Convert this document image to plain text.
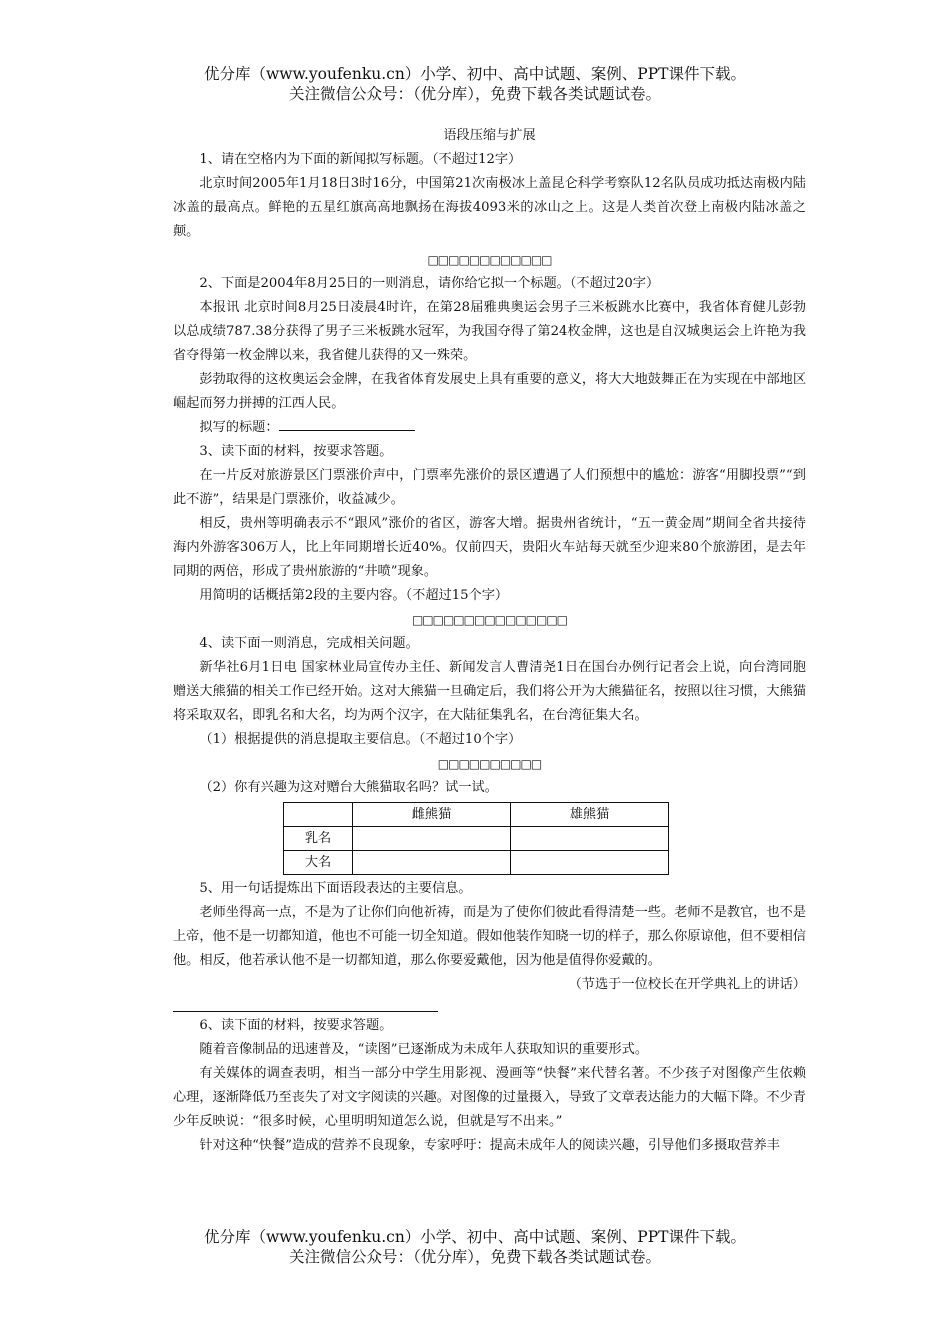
优分库（www.youfenku.cn）小学、初中、高中试题、案例、PPT课件下载。
关注微信公众号：（优分库），免费下载各类试题试卷。

语段压缩与扩展

1、请在空格内为下面的新闻拟写标题。（不超过12字）

北京时间2005年1月18日3时16分，中国第21次南极冰上盖昆仑科学考察队12名队员成功抵达南极内陆冰盖的最高点。鲜艳的五星红旗高高地飘扬在海拔4093米的冰山之上。这是人类首次登上南极内陆冰盖之颠。

□□□□□□□□□□□□

2、下面是2004年8月25日的一则消息，请你给它拟一个标题。（不超过20字）

本报讯 北京时间8月25日凌晨4时许，在第28届雅典奥运会男子三米板跳水比赛中，我省体育健儿彭勃以总成绩787.38分获得了男子三米板跳水冠军，为我国夺得了第24枚金牌，这也是自汉城奥运会上许艳为我省夺得第一枚金牌以来，我省健儿获得的又一殊荣。

彭勃取得的这枚奥运会金牌，在我省体育发展史上具有重要的意义，将大大地鼓舞正在为实现在中部地区崛起而努力拼搏的江西人民。

拟写的标题：

3、读下面的材料，按要求答题。

在一片反对旅游景区门票涨价声中，门票率先涨价的景区遭遇了人们预想中的尴尬：游客“用脚投票”“到此不游”，结果是门票涨价，收益减少。

相反，贵州等明确表示不“跟风”涨价的省区，游客大增。据贵州省统计，“五一黄金周”期间全省共接待海内外游客306万人，比上年同期增长近40%。仅前四天，贵阳火车站每天就至少迎来80个旅游团，是去年同期的两倍，形成了贵州旅游的“井喷”现象。

用简明的话概括第2段的主要内容。（不超过15个字）

□□□□□□□□□□□□□□□

4、读下面一则消息，完成相关问题。

新华社6月1日电 国家林业局宣传办主任、新闻发言人曹清尧1日在国台办例行记者会上说，向台湾同胞赠送大熊猫的相关工作已经开始。这对大熊猫一旦确定后，我们将公开为大熊猫征名，按照以往习惯，大熊猫将采取双名，即乳名和大名，均为两个汉字，在大陆征集乳名，在台湾征集大名。

（1）根据提供的消息提取主要信息。（不超过10个字）

□□□□□□□□□□

（2）你有兴趣为这对赠台大熊猫取名吗？试一试。

	雌熊猫	雄熊猫
乳名		
大名		

5、用一句话提炼出下面语段表达的主要信息。

老师坐得高一点，不是为了让你们向他祈祷，而是为了使你们彼此看得清楚一些。老师不是教官，也不是上帝，他不是一切都知道，他也不可能一切全知道。假如他装作知晓一切的样子，那么你原谅他，但不要相信他。相反，他若承认他不是一切都知道，那么你要爱戴他，因为他是值得你爱戴的。

（节选于一位校长在开学典礼上的讲话）

6、读下面的材料，按要求答题。

随着音像制品的迅速普及，“读图”已逐渐成为未成年人获取知识的重要形式。

有关媒体的调查表明，相当一部分中学生用影视、漫画等“快餐”来代替名著。不少孩子对图像产生依赖心理，逐渐降低乃至丧失了对文字阅读的兴趣。对图像的过量摄入，导致了文章表达能力的大幅下降。不少青少年反映说：“很多时候，心里明明知道怎么说，但就是写不出来。”

针对这种“快餐”造成的营养不良现象，专家呼吁：提高未成年人的阅读兴趣，引导他们多摄取营养丰

优分库（www.youfenku.cn）小学、初中、高中试题、案例、PPT课件下载。
关注微信公众号：（优分库），免费下载各类试题试卷。
